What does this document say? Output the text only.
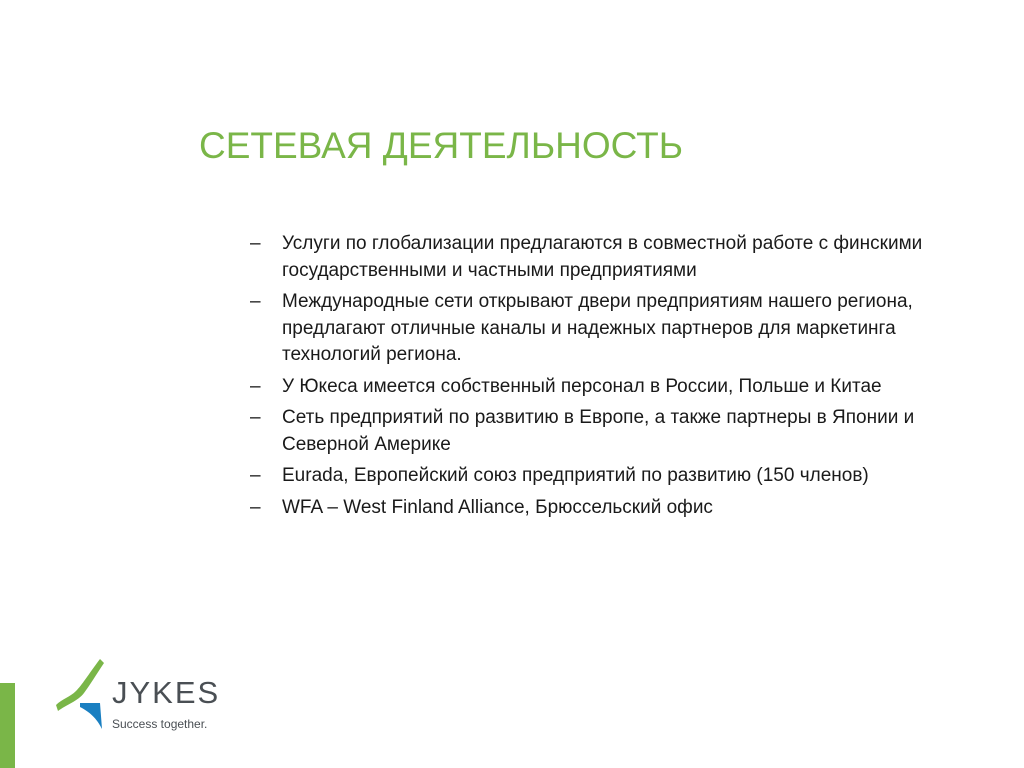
СЕТЕВАЯ ДЕЯТЕЛЬНОСТЬ
– Услуги по глобализации предлагаются в совместной работе с финскими государственными и частными предприятиями
– Международные сети открывают двери предприятиям нашего региона, предлагают отличные каналы и надежных партнеров для маркетинга технологий региона.
– У Юкеса имеется собственный персонал в России, Польше и Китае
– Сеть предприятий по развитию в Европе, а также партнеры в Японии и Северной Америке
– Eurada, Европейский союз предприятий по развитию (150 членов)
– WFA – West Finland Alliance, Брюссельский офис
JYKES
Success together.
